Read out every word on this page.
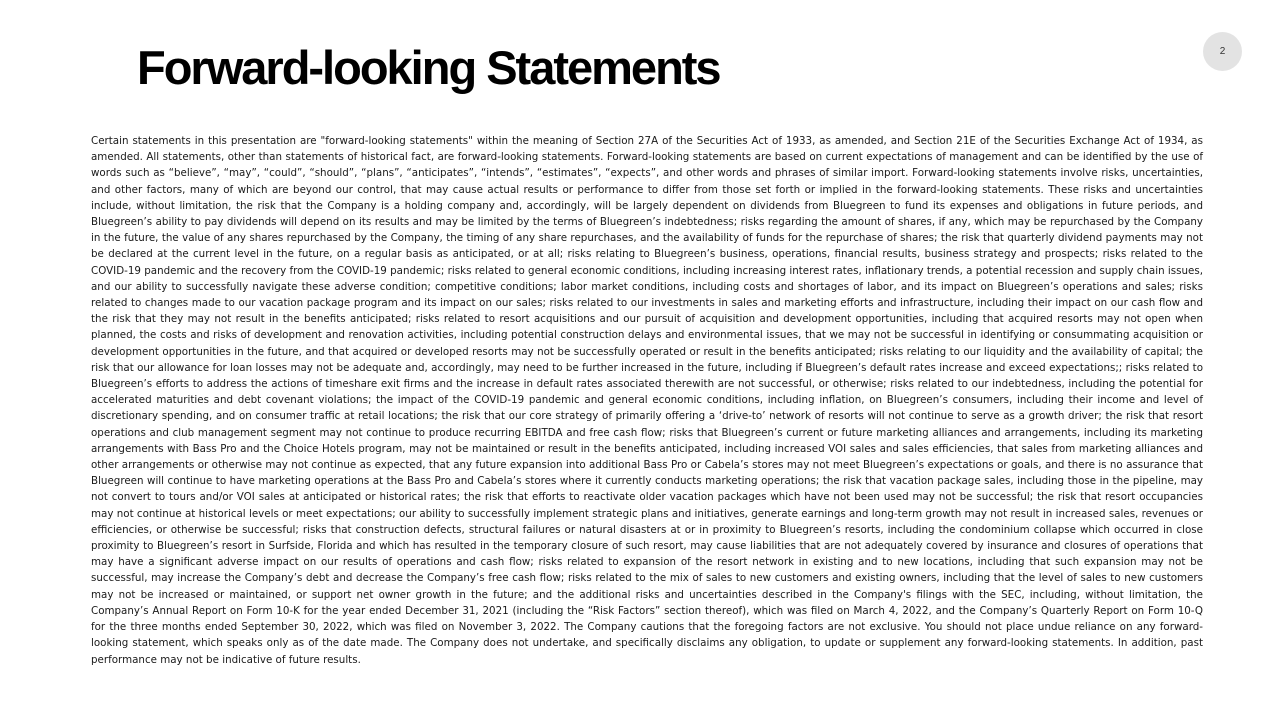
Forward-looking Statements	2

Certain statements in this presentation are "forward-looking statements" within the meaning of Section 27A of the Securities Act of 1933, as amended, and Section 21E of the Securities Exchange Act of 1934, as amended. All statements, other than statements of historical fact, are forward-looking statements. Forward-looking statements are based on current expectations of management and can be identified by the use of words such as “believe”, “may”, “could”, “should”, “plans”, “anticipates”, “intends”, “estimates”, “expects”, and other words and phrases of similar import. Forward-looking statements involve risks, uncertainties, and other factors, many of which are beyond our control, that may cause actual results or performance to differ from those set forth or implied in the forward-looking statements. These risks and uncertainties include, without limitation, the risk that the Company is a holding company and, accordingly, will be largely dependent on dividends from Bluegreen to fund its expenses and obligations in future periods, and Bluegreen’s ability to pay dividends will depend on its results and may be limited by the terms of Bluegreen’s indebtedness; risks regarding the amount of shares, if any, which may be repurchased by the Company in the future, the value of any shares repurchased by the Company, the timing of any share repurchases, and the availability of funds for the repurchase of shares; the risk that quarterly dividend payments may not be declared at the current level in the future, on a regular basis as anticipated, or at all; risks relating to Bluegreen’s business, operations, financial results, business strategy and prospects; risks related to the COVID-19 pandemic and the recovery from the COVID-19 pandemic; risks related to general economic conditions, including increasing interest rates, inflationary trends, a potential recession and supply chain issues, and our ability to successfully navigate these adverse condition; competitive conditions; labor market conditions, including costs and shortages of labor, and its impact on Bluegreen’s operations and sales; risks related to changes made to our vacation package program and its impact on our sales; risks related to our investments in sales and marketing efforts and infrastructure, including their impact on our cash flow and the risk that they may not result in the benefits anticipated; risks related to resort acquisitions and our pursuit of acquisition and development opportunities, including that acquired resorts may not open when planned, the costs and risks of development and renovation activities, including potential construction delays and environmental issues, that we may not be successful in identifying or consummating acquisition or development opportunities in the future, and that acquired or developed resorts may not be successfully operated or result in the benefits anticipated; risks relating to our liquidity and the availability of capital; the risk that our allowance for loan losses may not be adequate and, accordingly, may need to be further increased in the future, including if Bluegreen’s default rates increase and exceed expectations;; risks related to Bluegreen’s efforts to address the actions of timeshare exit firms and the increase in default rates associated therewith are not successful, or otherwise; risks related to our indebtedness, including the potential for accelerated maturities and debt covenant violations; the impact of the COVID-19 pandemic and general economic conditions, including inflation, on Bluegreen’s consumers, including their income and level of discretionary spending, and on consumer traffic at retail locations; the risk that our core strategy of primarily offering a ‘drive-to’ network of resorts will not continue to serve as a growth driver; the risk that resort operations and club management segment may not continue to produce recurring EBITDA and free cash flow; risks that Bluegreen’s current or future marketing alliances and arrangements, including its marketing arrangements with Bass Pro and the Choice Hotels program, may not be maintained or result in the benefits anticipated, including increased VOI sales and sales efficiencies, that sales from marketing alliances and other arrangements or otherwise may not continue as expected, that any future expansion into additional Bass Pro or Cabela’s stores may not meet Bluegreen’s expectations or goals, and there is no assurance that Bluegreen will continue to have marketing operations at the Bass Pro and Cabela’s stores where it currently conducts marketing operations; the risk that vacation package sales, including those in the pipeline, may not convert to tours and/or VOI sales at anticipated or historical rates; the risk that efforts to reactivate older vacation packages which have not been used may not be successful; the risk that resort occupancies may not continue at historical levels or meet expectations; our ability to successfully implement strategic plans and initiatives, generate earnings and long-term growth may not result in increased sales, revenues or efficiencies, or otherwise be successful; risks that construction defects, structural failures or natural disasters at or in proximity to Bluegreen’s resorts, including the condominium collapse which occurred in close proximity to Bluegreen’s resort in Surfside, Florida and which has resulted in the temporary closure of such resort, may cause liabilities that are not adequately covered by insurance and closures of operations that may have a significant adverse impact on our results of operations and cash flow; risks related to expansion of the resort network in existing and to new locations, including that such expansion may not be successful, may increase the Company’s debt and decrease the Company’s free cash flow; risks related to the mix of sales to new customers and existing owners, including that the level of sales to new customers may not be increased or maintained, or support net owner growth in the future; and the additional risks and uncertainties described in the Company's filings with the SEC, including, without limitation, the Company’s Annual Report on Form 10-K for the year ended December 31, 2021 (including the “Risk Factors” section thereof), which was filed on March 4, 2022, and the Company’s Quarterly Report on Form 10-Q for the three months ended September 30, 2022, which was filed on November 3, 2022. The Company cautions that the foregoing factors are not exclusive. You should not place undue reliance on any forward-looking statement, which speaks only as of the date made. The Company does not undertake, and specifically disclaims any obligation, to update or supplement any forward-looking statements. In addition, past performance may not be indicative of future results.
